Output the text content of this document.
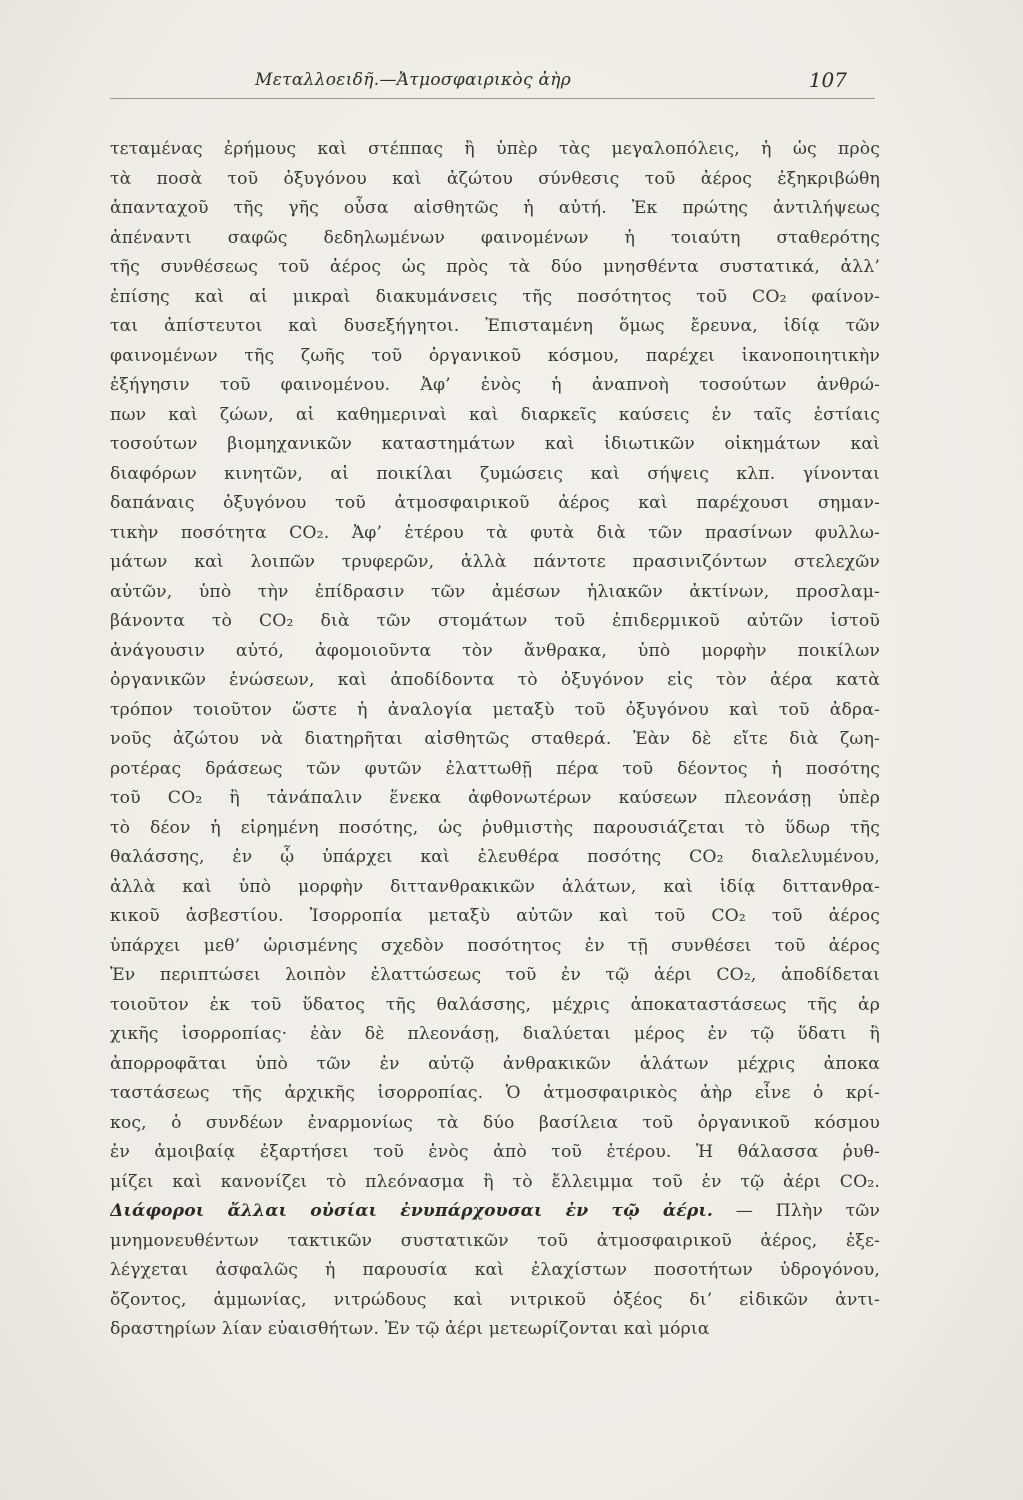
Μεταλλοειδῆ.—Ἀτμοσφαιρικὸς ἀὴρ	107
τεταμένας ἐρήμους καὶ στέππας ἢ ὑπὲρ τὰς μεγαλοπόλεις, ἡ ὡς πρὸς
τὰ ποσὰ τοῦ ὀξυγόνου καὶ ἀζώτου σύνθεσις τοῦ ἀέρος ἐξηκριβώθη
ἁπανταχοῦ τῆς γῆς οὖσα αἰσθητῶς ἡ αὐτή. Ἐκ πρώτης ἀντιλήψεως
ἀπέναντι σαφῶς δεδηλωμένων φαινομένων ἡ τοιαύτη σταθερότης
τῆς συνθέσεως τοῦ ἀέρος ὡς πρὸς τὰ δύο μνησθέντα συστατικά, ἀλλ’
ἐπίσης καὶ αἱ μικραὶ διακυμάνσεις τῆς ποσότητος τοῦ CO₂ φαίνον-
ται ἀπίστευτοι καὶ δυσεξήγητοι. Ἐπισταμένη ὅμως ἔρευνα, ἰδίᾳ τῶν
φαινομένων τῆς ζωῆς τοῦ ὀργανικοῦ κόσμου, παρέχει ἱκανοποιητικὴν
ἐξήγησιν τοῦ φαινομένου. Ἀφ’ ἑνὸς ἡ ἀναπνοὴ τοσούτων ἀνθρώ-
πων καὶ ζώων, αἱ καθημεριναὶ καὶ διαρκεῖς καύσεις ἐν ταῖς ἑστίαις
τοσούτων βιομηχανικῶν καταστημάτων καὶ ἰδιωτικῶν οἰκημάτων καὶ
διαφόρων κινητῶν, αἱ ποικίλαι ζυμώσεις καὶ σήψεις κλπ. γίνονται
δαπάναις ὀξυγόνου τοῦ ἀτμοσφαιρικοῦ ἀέρος καὶ παρέχουσι σημαν-
τικὴν ποσότητα CO₂. Ἀφ’ ἑτέρου τὰ φυτὰ διὰ τῶν πρασίνων φυλλω-
μάτων καὶ λοιπῶν τρυφερῶν, ἀλλὰ πάντοτε πρασινιζόντων στελεχῶν
αὐτῶν, ὑπὸ τὴν ἐπίδρασιν τῶν ἀμέσων ἡλιακῶν ἀκτίνων, προσλαμ-
βάνοντα τὸ CO₂ διὰ τῶν στομάτων τοῦ ἐπιδερμικοῦ αὐτῶν ἱστοῦ
ἀνάγουσιν αὐτό, ἀφομοιοῦντα τὸν ἄνθρακα, ὑπὸ μορφὴν ποικίλων
ὀργανικῶν ἑνώσεων, καὶ ἀποδίδοντα τὸ ὀξυγόνον εἰς τὸν ἀέρα κατὰ
τρόπον τοιοῦτον ὥστε ἡ ἀναλογία μεταξὺ τοῦ ὀξυγόνου καὶ τοῦ ἀδρα-
νοῦς ἀζώτου νὰ διατηρῆται αἰσθητῶς σταθερά. Ἐὰν δὲ εἴτε διὰ ζωη-
ροτέρας δράσεως τῶν φυτῶν ἐλαττωθῇ πέρα τοῦ δέοντος ἡ ποσότης
τοῦ CO₂ ἢ τἀνάπαλιν ἕνεκα ἀφθονωτέρων καύσεων πλεονάσῃ ὑπὲρ
τὸ δέον ἡ εἰρημένη ποσότης, ὡς ῥυθμιστὴς παρουσιάζεται τὸ ὕδωρ τῆς
θαλάσσης, ἐν ᾧ ὑπάρχει καὶ ἐλευθέρα ποσότης CO₂ διαλελυμένου,
ἀλλὰ καὶ ὑπὸ μορφὴν διττανθρακικῶν ἁλάτων, καὶ ἰδίᾳ διττανθρα-
κικοῦ ἀσβεστίου. Ἰσορροπία μεταξὺ αὐτῶν καὶ τοῦ CO₂ τοῦ ἀέρος
ὑπάρχει μεθ’ ὡρισμένης σχεδὸν ποσότητος ἐν τῇ συνθέσει τοῦ ἀέρος
Ἐν περιπτώσει λοιπὸν ἐλαττώσεως τοῦ ἐν τῷ ἀέρι CO₂, ἀποδίδεται
τοιοῦτον ἐκ τοῦ ὕδατος τῆς θαλάσσης, μέχρις ἀποκαταστάσεως τῆς ἀρ
χικῆς ἰσορροπίας· ἐὰν δὲ πλεονάσῃ, διαλύεται μέρος ἐν τῷ ὕδατι ἢ
ἀπορροφᾶται ὑπὸ τῶν ἐν αὐτῷ ἀνθρακικῶν ἁλάτων μέχρις ἀποκα
ταστάσεως τῆς ἀρχικῆς ἰσορροπίας. Ὁ ἀτμοσφαιρικὸς ἀὴρ εἶνε ὁ κρί-
κος, ὁ συνδέων ἐναρμονίως τὰ δύο βασίλεια τοῦ ὀργανικοῦ κόσμου
ἐν ἀμοιβαίᾳ ἐξαρτήσει τοῦ ἑνὸς ἀπὸ τοῦ ἑτέρου. Ἡ θάλασσα ῥυθ-
μίζει καὶ κανονίζει τὸ πλεόνασμα ἢ τὸ ἔλλειμμα τοῦ ἐν τῷ ἀέρι CO₂.
Διάφοροι ἄλλαι οὐσίαι ἐνυπάρχουσαι ἐν τῷ ἀέρι. — Πλὴν τῶν
μνημονευθέντων τακτικῶν συστατικῶν τοῦ ἀτμοσφαιρικοῦ ἀέρος, ἐξε-
λέγχεται ἀσφαλῶς ἡ παρουσία καὶ ἐλαχίστων ποσοτήτων ὑδρογόνου,
ὄζοντος, ἀμμωνίας, νιτρώδους καὶ νιτρικοῦ ὀξέος δι’ εἰδικῶν ἀντι-
δραστηρίων λίαν εὐαισθήτων. Ἐν τῷ ἀέρι μετεωρίζονται καὶ μόρια
